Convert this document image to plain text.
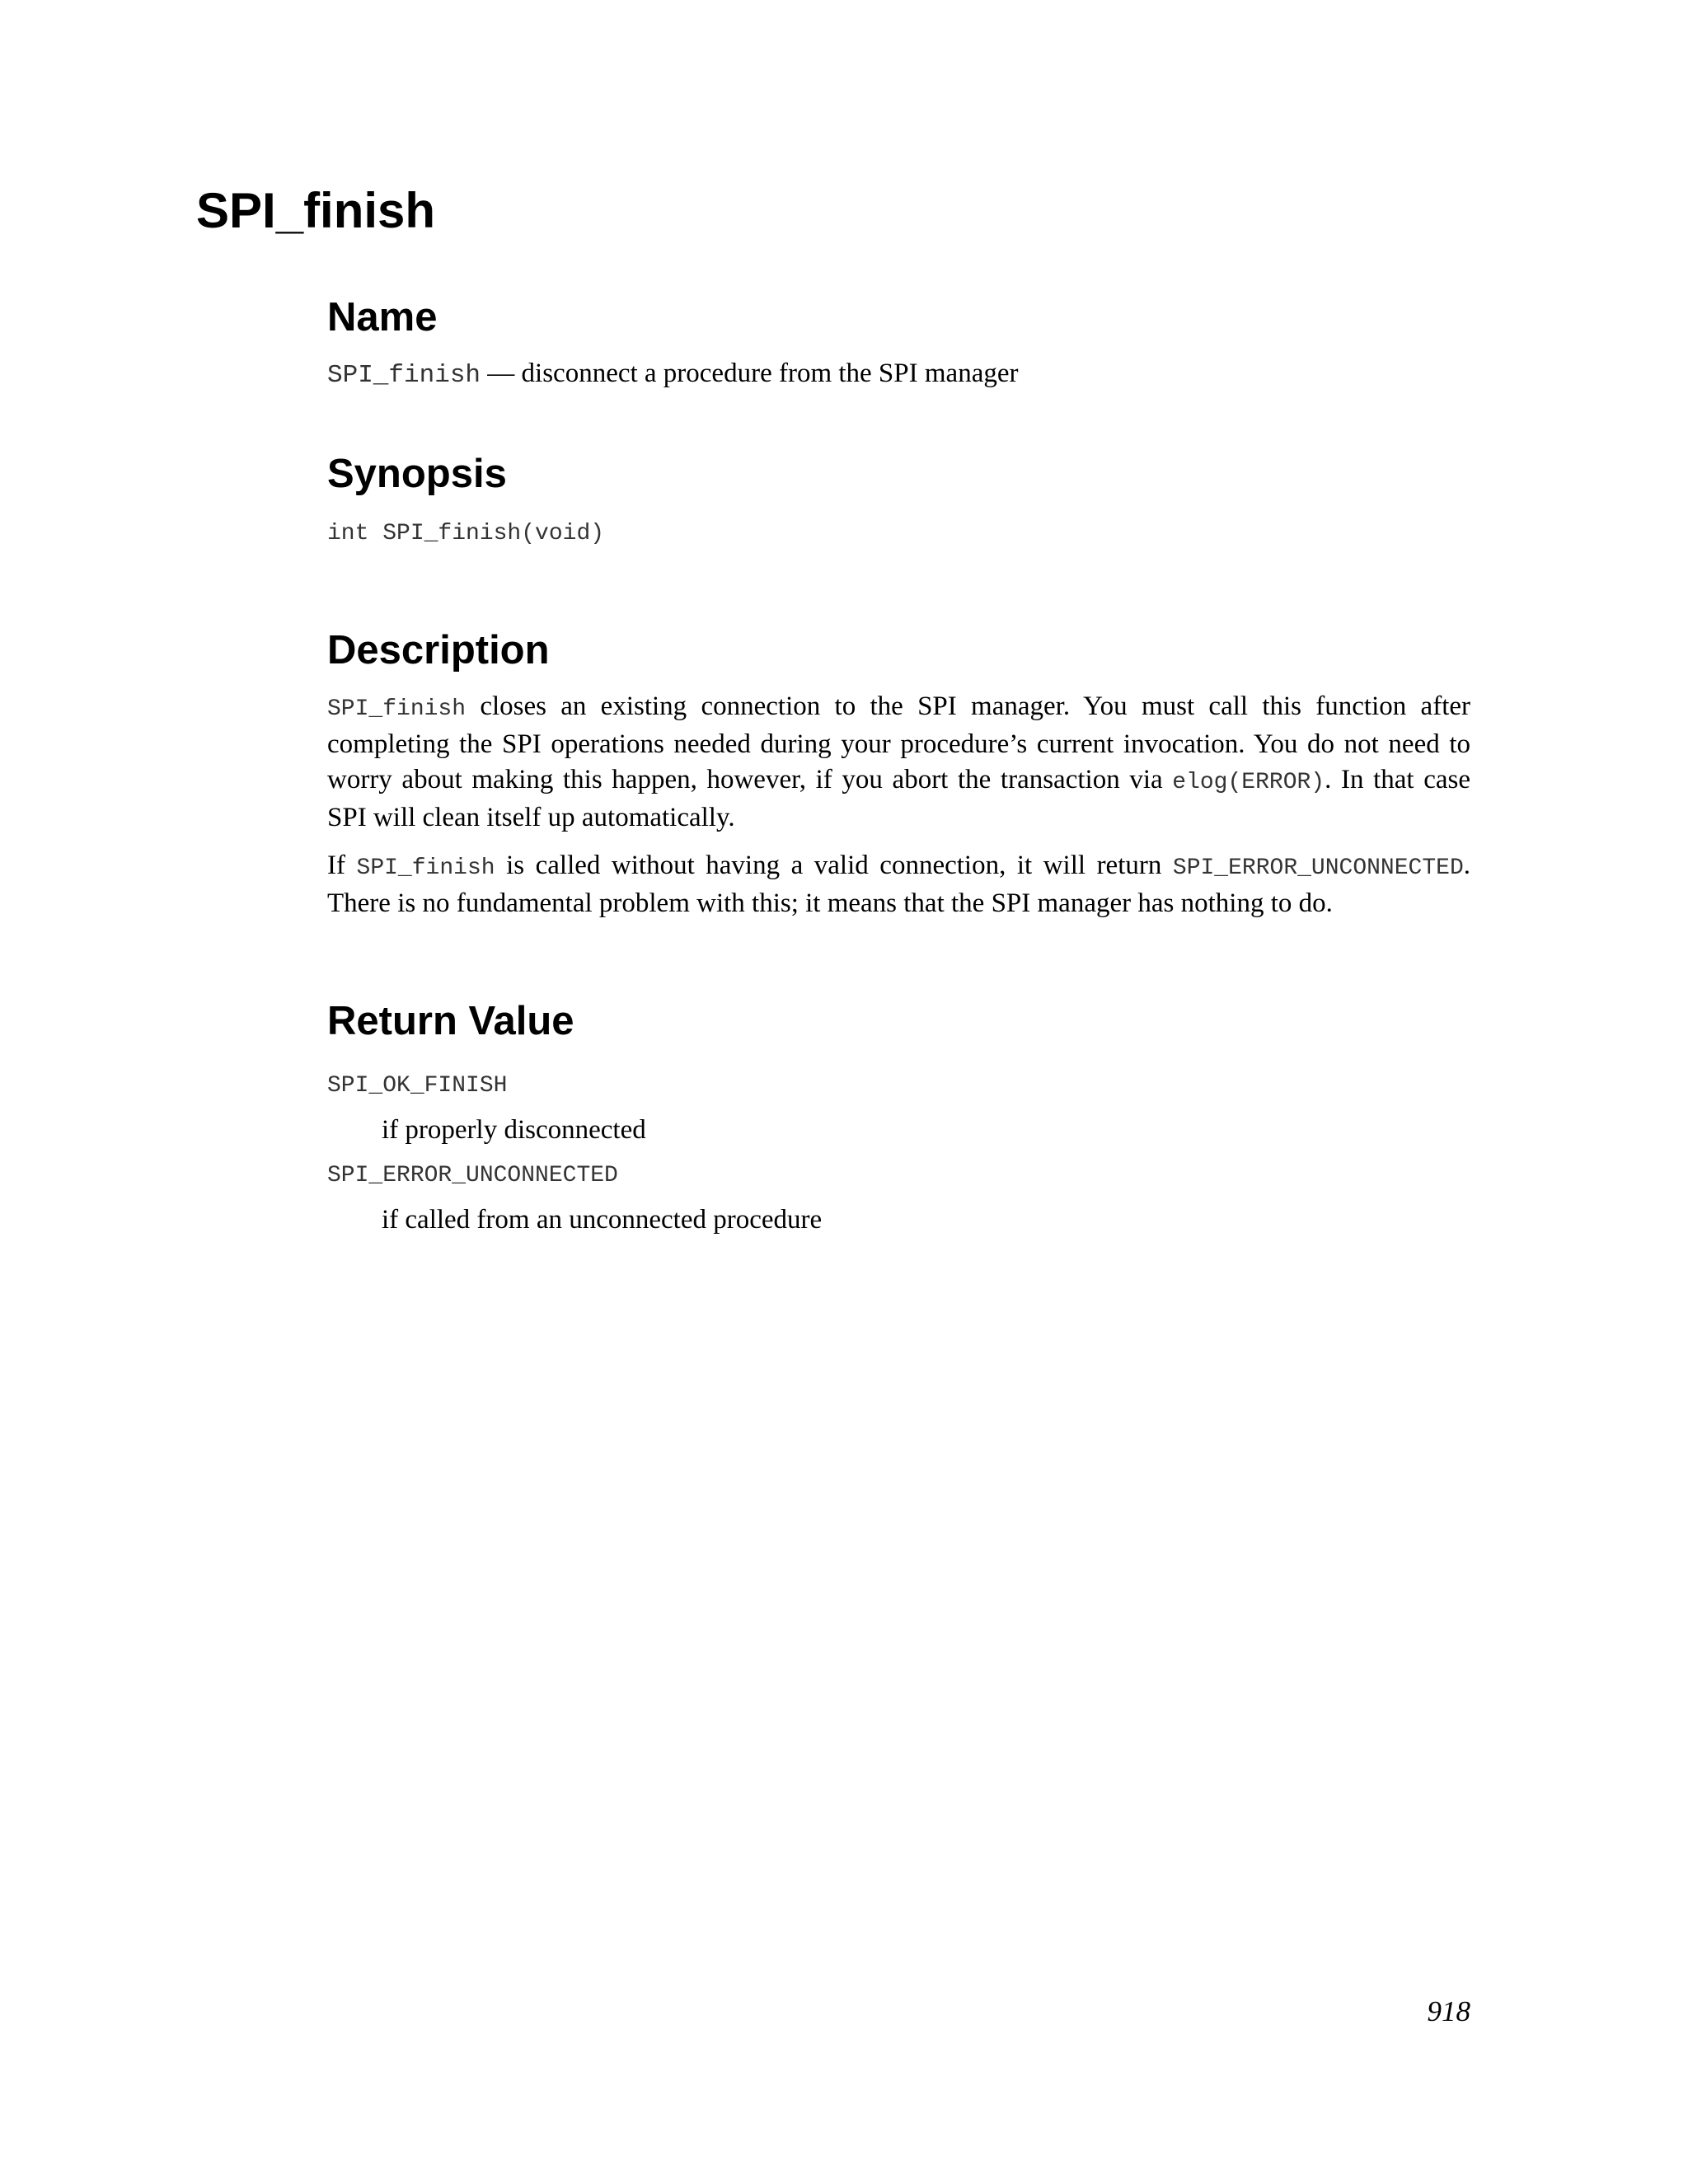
SPI_finish
Name

SPI_finish — disconnect a procedure from the SPI manager

Synopsis

int SPI_finish(void)

Description

SPI_finish closes an existing connection to the SPI manager. You must call this function after completing the SPI operations needed during your procedure’s current invocation. You do not need to worry about making this happen, however, if you abort the transaction via elog(ERROR). In that case SPI will clean itself up automatically.

If SPI_finish is called without having a valid connection, it will return SPI_ERROR_UNCONNECTED. There is no fundamental problem with this; it means that the SPI manager has nothing to do.

Return Value

SPI_OK_FINISH

if properly disconnected

SPI_ERROR_UNCONNECTED

if called from an unconnected procedure

918
